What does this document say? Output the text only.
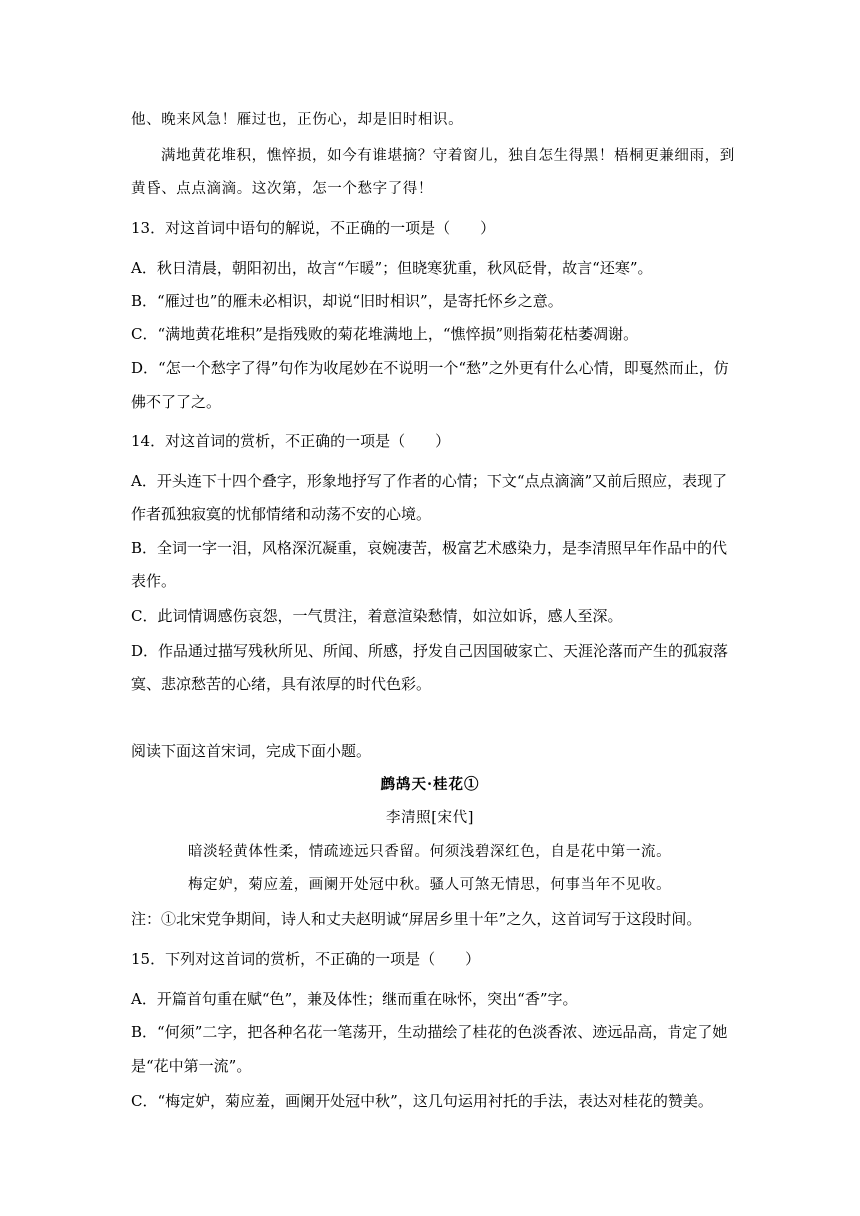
他、晚来风急！雁过也，正伤心，却是旧时相识。
满地黄花堆积，憔悴损，如今有谁堪摘？守着窗儿，独自怎生得黑！梧桐更兼细雨，到
黄昏、点点滴滴。这次第，怎一个愁字了得！
13．对这首词中语句的解说，不正确的一项是（　　）
A．秋日清晨，朝阳初出，故言“乍暖”；但晓寒犹重，秋风砭骨，故言“还寒”。
B．“雁过也”的雁未必相识，却说“旧时相识”，是寄托怀乡之意。
C．“满地黄花堆积”是指残败的菊花堆满地上，“憔悴损”则指菊花枯萎凋谢。
D．“怎一个愁字了得”句作为收尾妙在不说明一个“愁”之外更有什么心情，即戛然而止，仿
佛不了了之。
14．对这首词的赏析，不正确的一项是（　　）
A．开头连下十四个叠字，形象地抒写了作者的心情；下文“点点滴滴”又前后照应，表现了
作者孤独寂寞的忧郁情绪和动荡不安的心境。
B．全词一字一泪，风格深沉凝重，哀婉凄苦，极富艺术感染力，是李清照早年作品中的代
表作。
C．此词情调感伤哀怨，一气贯注，着意渲染愁情，如泣如诉，感人至深。
D．作品通过描写残秋所见、所闻、所感，抒发自己因国破家亡、天涯沦落而产生的孤寂落
寞、悲凉愁苦的心绪，具有浓厚的时代色彩。
阅读下面这首宋词，完成下面小题。
鹧鸪天·桂花①
李清照[宋代]
暗淡轻黄体性柔，情疏迹远只香留。何须浅碧深红色，自是花中第一流。
梅定妒，菊应羞，画阑开处冠中秋。骚人可煞无情思，何事当年不见收。
注：①北宋党争期间，诗人和丈夫赵明诚“屏居乡里十年”之久，这首词写于这段时间。
15．下列对这首词的赏析，不正确的一项是（　　）
A．开篇首句重在赋“色”，兼及体性；继而重在咏怀，突出“香”字。
B．“何须”二字，把各种名花一笔荡开，生动描绘了桂花的色淡香浓、迹远品高，肯定了她
是“花中第一流”。
C．“梅定妒，菊应羞，画阑开处冠中秋”，这几句运用衬托的手法，表达对桂花的赞美。
